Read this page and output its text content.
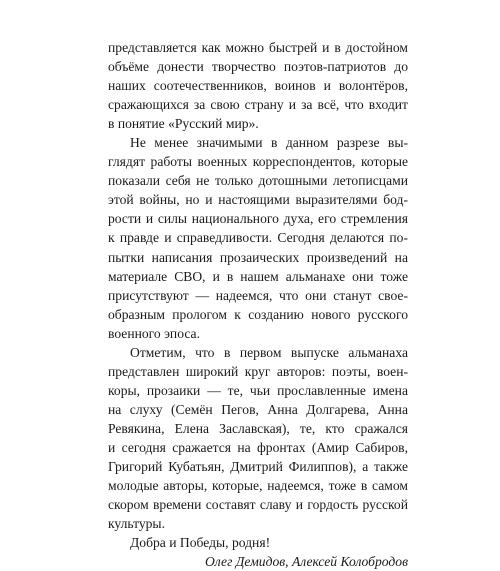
представляется как можно быстрей и в достойном
объёме донести творчество поэтов-патриотов до
наших соотечественников, воинов и волонтёров,
сражающихся за свою страну и за всё, что входит
в понятие «Русский мир».
Не менее значимыми в данном разрезе вы-
глядят работы военных корреспондентов, которые
показали себя не только дотошными летописцами
этой войны, но и настоящими выразителями бод-
рости и силы национального духа, его стремления
к правде и справедливости. Сегодня делаются по-
пытки написания прозаических произведений на
материале СВО, и в нашем альманахе они тоже
присутствуют — надеемся, что они станут свое-
образным прологом к созданию нового русского
военного эпоса.
Отметим, что в первом выпуске альманаха
представлен широкий круг авторов: поэты, воен-
коры, прозаики — те, чьи прославленные имена
на слуху (Семён Пегов, Анна Долгарева, Анна
Ревякина, Елена Заславская), те, кто сражался
и сегодня сражается на фронтах (Амир Сабиров,
Григорий Кубатьян, Дмитрий Филиппов), а также
молодые авторы, которые, надеемся, тоже в самом
скором времени составят славу и гордость русской
культуры.
Добра и Победы, родня!
Олег Демидов, Алексей Колобродов
